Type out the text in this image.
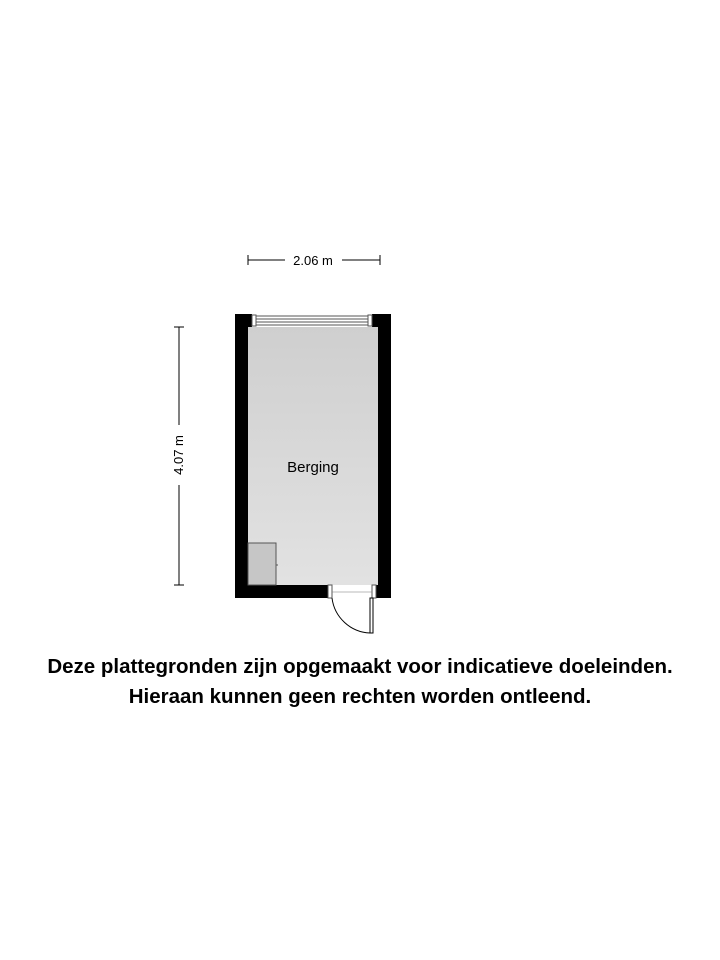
2.06 m
4.07 m	Berging
Deze plattegronden zijn opgemaakt voor indicatieve doeleinden.
Hieraan kunnen geen rechten worden ontleend.
